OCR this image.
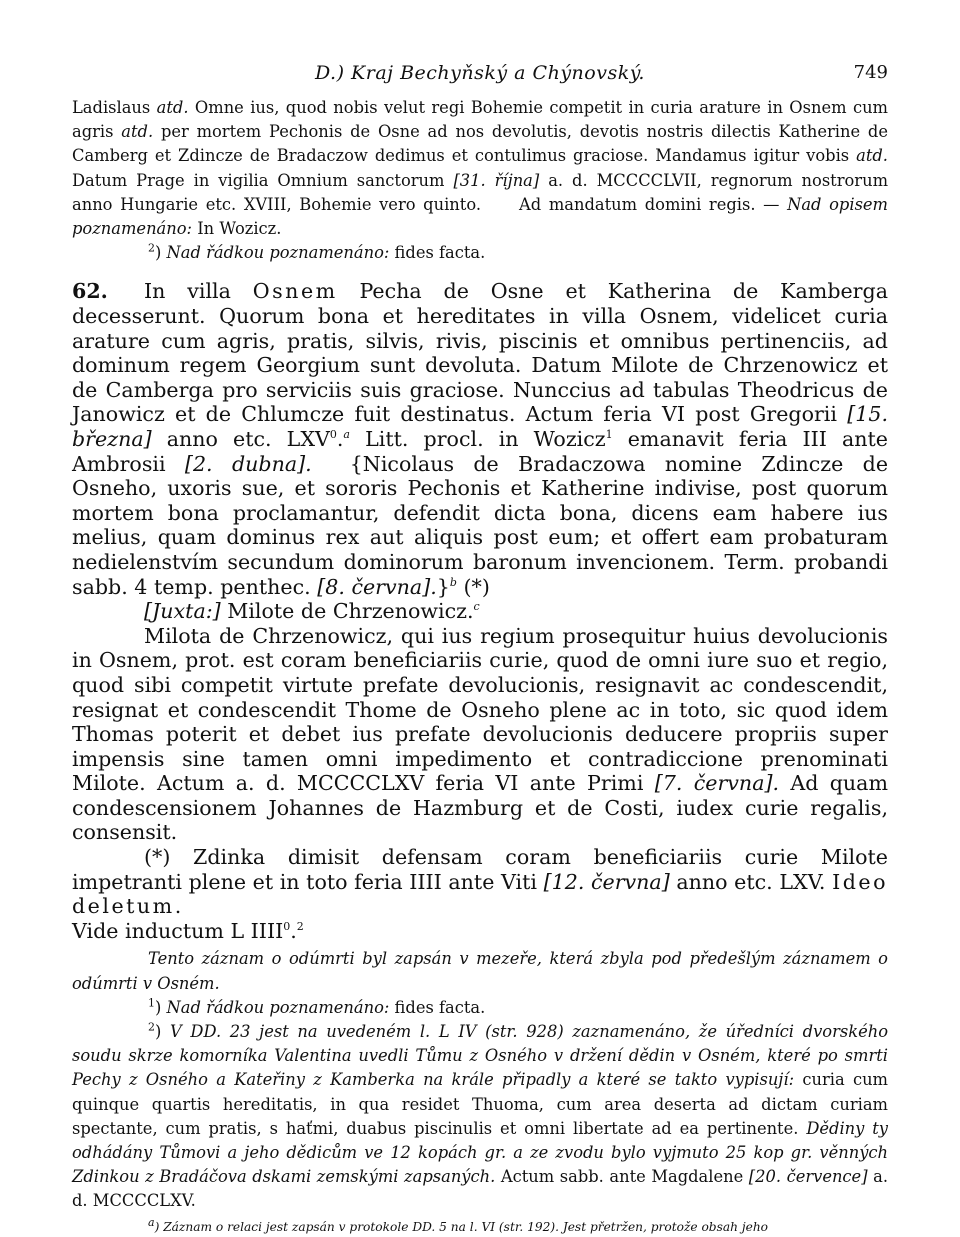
D.) Kraj Bechyňský a Chýnovský.	749

Ladislaus atd. Omne ius, quod nobis velut regi Bohemie competit in curia arature in Osnem cum agris atd. per mortem Pechonis de Osne ad nos devolutis, devotis nostris dilectis Katherine de Camberg et Zdincze de Bradaczow dedimus et contulimus graciose. Mandamus igitur vobis atd. Datum Prage in vigilia Omnium sanctorum [31. října] a. d. MCCCCLVII, regnorum nostrorum anno Hungarie etc. XVIII, Bohemie vero quinto. Ad mandatum domini regis. — Nad opisem poznamenáno: In Wozicz.

$^2$) Nad řádkou poznamenáno: fides facta.

62. In villa Osnem Pecha de Osne et Katherina de Kamberga decesserunt. Quorum bona et hereditates in villa Osnem, videlicet curia arature cum agris, pratis, silvis, rivis, piscinis et omnibus pertinenciis, ad dominum regem Georgium sunt devoluta. Datum Milote de Chrzenowicz et de Camberga pro serviciis suis graciose. Nunccius ad tabulas Theodricus de Janowicz et de Chlumcze fuit destinatus. Actum feria VI post Gregorii [15. března] anno etc. LXV$^0$.$^a$ Litt. procl. in Wozicz$^1$ emanavit feria III ante Ambrosii [2. dubna]. {Nicolaus de Bradaczowa nomine Zdincze de Osneho, uxoris sue, et sororis Pechonis et Katherine indivise, post quorum mortem bona proclamantur, defendit dicta bona, dicens eam habere ius melius, quam dominus rex aut aliquis post eum; et offert eam probaturam nedielenstvím secundum dominorum baronum invencionem. Term. probandi sabb. 4 temp. penthec. [8. června].}$^b$ (*)

[Juxta:] Milote de Chrzenowicz.$^c$

Milota de Chrzenowicz, qui ius regium prosequitur huius devolucionis in Osnem, prot. est coram beneficiariis curie, quod de omni iure suo et regio, quod sibi competit virtute prefate devolucionis, resignavit ac condescendit, resignat et condescendit Thome de Osneho plene ac in toto, sic quod idem Thomas poterit et debet ius prefate devolucionis deducere propriis super impensis sine tamen omni impedimento et contradiccione prenominati Milote. Actum a. d. MCCCCLXV feria VI ante Primi [7. června]. Ad quam condescensionem Johannes de Hazmburg et de Costi, iudex curie regalis, consensit.

(*) Zdinka dimisit defensam coram beneficiariis curie Milote impetranti plene et in toto feria IIII ante Viti [12. června] anno etc. LXV. Ideo deletum.
Vide inductum L IIII$^0$.$^2$

Tento záznam o odúmrti byl zapsán v mezeře, která zbyla pod předešlým záznamem o odúmrti v Osném.

$^1$) Nad řádkou poznamenáno: fides facta.

$^2$) V DD. 23 jest na uvedeném l. L IV (str. 928) zaznamenáno, že úředníci dvorského soudu skrze komorníka Valentina uvedli Tůmu z Osného v držení dědin v Osném, které po smrti Pechy z Osného a Kateřiny z Kamberka na krále připadly a které se takto vypisují: curia cum quinque quartis hereditatis, in qua residet Thuoma, cum area deserta ad dictam curiam spectante, cum pratis, s haťmi, duabus piscinulis et omni libertate ad ea pertinente. Dědiny ty odhádány Tůmovi a jeho dědicům ve 12 kopách gr. a ze zvodu bylo vyjmuto 25 kop gr. věnných Zdinkou z Bradáčova dskami zemskými zapsaných. Actum sabb. ante Magdalene [20. července] a. d. MCCCCLXV.

$^a$) Záznam o relaci jest zapsán v protokole DD. 5 na l. VI (str. 192). Jest přetržen, protože obsah jeho
